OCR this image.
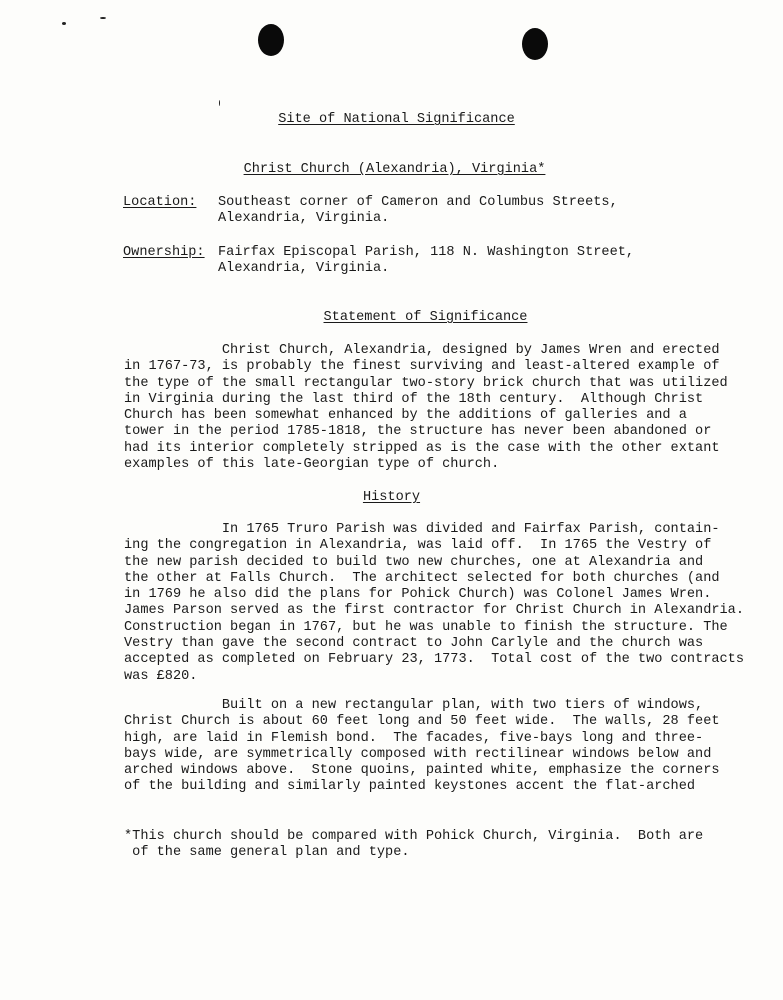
Site of National Significance
Christ Church (Alexandria), Virginia*
Location: Southeast corner of Cameron and Columbus Streets,
Alexandria, Virginia.
Ownership: Fairfax Episcopal Parish, 118 N. Washington Street,
Alexandria, Virginia.
Statement of Significance
Christ Church, Alexandria, designed by James Wren and erected
in 1767-73, is probably the finest surviving and least-altered example of
the type of the small rectangular two-story brick church that was utilized
in Virginia during the last third of the 18th century.  Although Christ
Church has been somewhat enhanced by the additions of galleries and a
tower in the period 1785-1818, the structure has never been abandoned or
had its interior completely stripped as is the case with the other extant
examples of this late-Georgian type of church.
History
In 1765 Truro Parish was divided and Fairfax Parish, contain-
ing the congregation in Alexandria, was laid off.  In 1765 the Vestry of
the new parish decided to build two new churches, one at Alexandria and
the other at Falls Church.  The architect selected for both churches (and
in 1769 he also did the plans for Pohick Church) was Colonel James Wren.
James Parson served as the first contractor for Christ Church in Alexandria.
Construction began in 1767, but he was unable to finish the structure. The
Vestry than gave the second contract to John Carlyle and the church was
accepted as completed on February 23, 1773.  Total cost of the two contracts
was £820.
Built on a new rectangular plan, with two tiers of windows,
Christ Church is about 60 feet long and 50 feet wide.  The walls, 28 feet
high, are laid in Flemish bond.  The facades, five-bays long and three-
bays wide, are symmetrically composed with rectilinear windows below and
arched windows above.  Stone quoins, painted white, emphasize the corners
of the building and similarly painted keystones accent the flat-arched
*This church should be compared with Pohick Church, Virginia.  Both are
of the same general plan and type.
